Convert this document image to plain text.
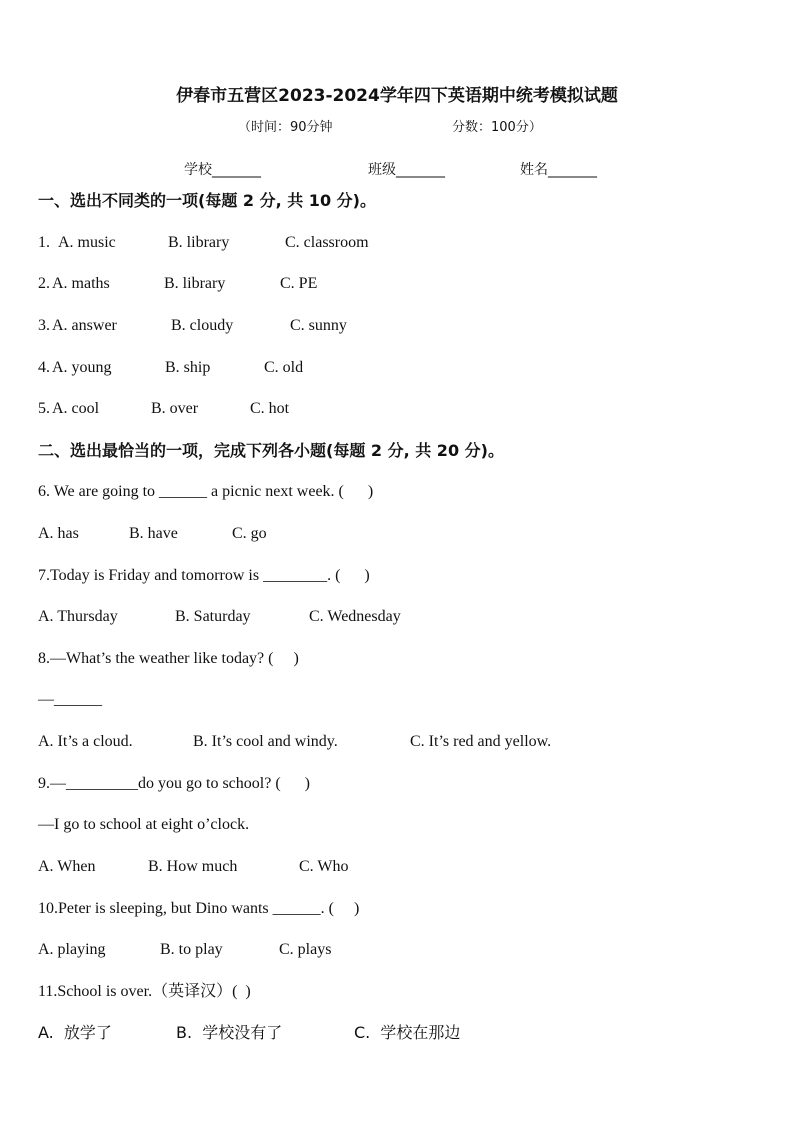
伊春市五营区2023-2024学年四下英语期中统考模拟试题
（时间：90分钟	分数：100分）
学校_______	班级_______	姓名_______
一、选出不同类的一项(每题 2 分, 共 10 分)。
1. A. music	B. library	C. classroom
2. A. maths	B. library	C. PE
3. A. answer	B. cloudy	C. sunny
4. A. young	B. ship	C. old
5. A. cool	B. over	C. hot
二、选出最恰当的一项，完成下列各小题(每题 2 分, 共 20 分)。
6. We are going to ______ a picnic next week. (      )
A. has	B. have	C. go
7.Today is Friday and tomorrow is ________. (      )
A. Thursday	B. Saturday	C. Wednesday
8.—What’s the weather like today? (     )
—______
A. It’s a cloud.	B. It’s cool and windy.	C. It’s red and yellow.
9.—_________do you go to school? (      )
—I go to school at eight o’clock.
A. When	B. How much	C. Who
10.Peter is sleeping, but Dino wants ______. (     )
A. playing	B. to play	C. plays
11.School is over.（英译汉）(  )
A.  放学了	B.  学校没有了	C.  学校在那边
